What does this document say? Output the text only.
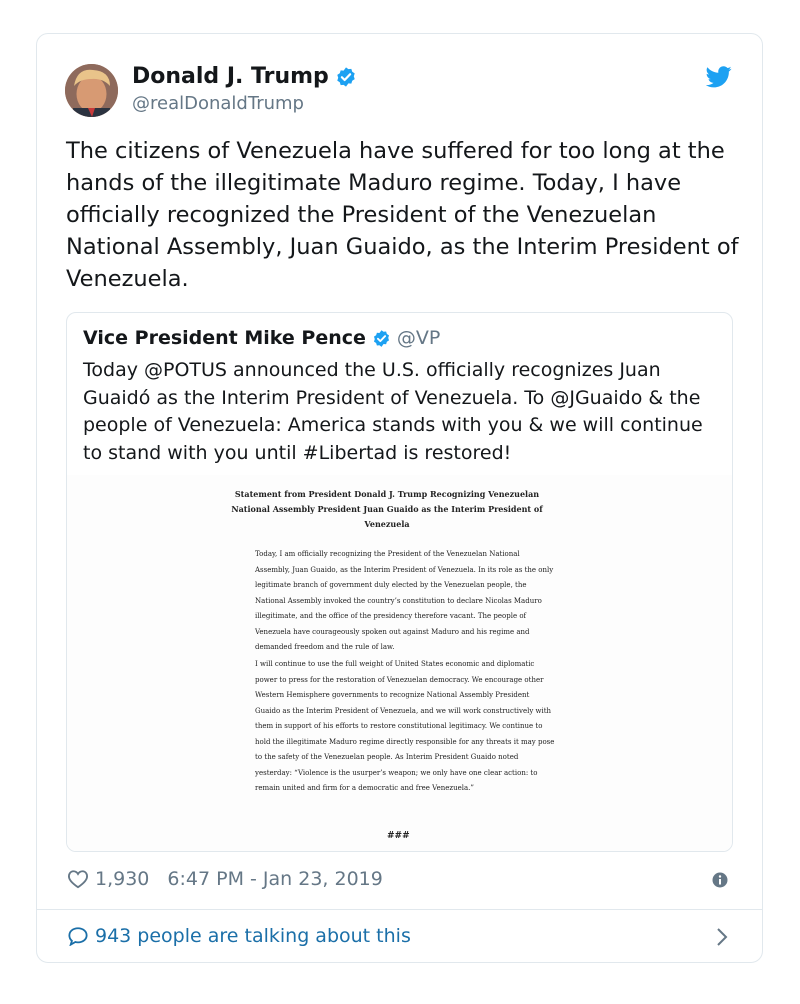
Donald J. Trump
@realDonaldTrump
The citizens of Venezuela have suffered for too long at the hands of the illegitimate Maduro regime. Today, I have officially recognized the President of the Venezuelan National Assembly, Juan Guaido, as the Interim President of Venezuela.
Vice President Mike Pence @VP
Today @POTUS announced the U.S. officially recognizes Juan Guaidó as the Interim President of Venezuela. To @JGuaido & the people of Venezuela: America stands with you & we will continue to stand with you until #Libertad is restored!
Statement from President Donald J. Trump Recognizing Venezuelan National Assembly President Juan Guaido as the Interim President of Venezuela
Today, I am officially recognizing the President of the Venezuelan National Assembly, Juan Guaido, as the Interim President of Venezuela. In its role as the only legitimate branch of government duly elected by the Venezuelan people, the National Assembly invoked the country’s constitution to declare Nicolas Maduro illegitimate, and the office of the presidency therefore vacant. The people of Venezuela have courageously spoken out against Maduro and his regime and demanded freedom and the rule of law.
I will continue to use the full weight of United States economic and diplomatic power to press for the restoration of Venezuelan democracy. We encourage other Western Hemisphere governments to recognize National Assembly President Guaido as the Interim President of Venezuela, and we will work constructively with them in support of his efforts to restore constitutional legitimacy. We continue to hold the illegitimate Maduro regime directly responsible for any threats it may pose to the safety of the Venezuelan people. As Interim President Guaido noted yesterday: “Violence is the usurper’s weapon; we only have one clear action: to remain united and firm for a democratic and free Venezuela.”
###
1,930 6:47 PM - Jan 23, 2019
943 people are talking about this
